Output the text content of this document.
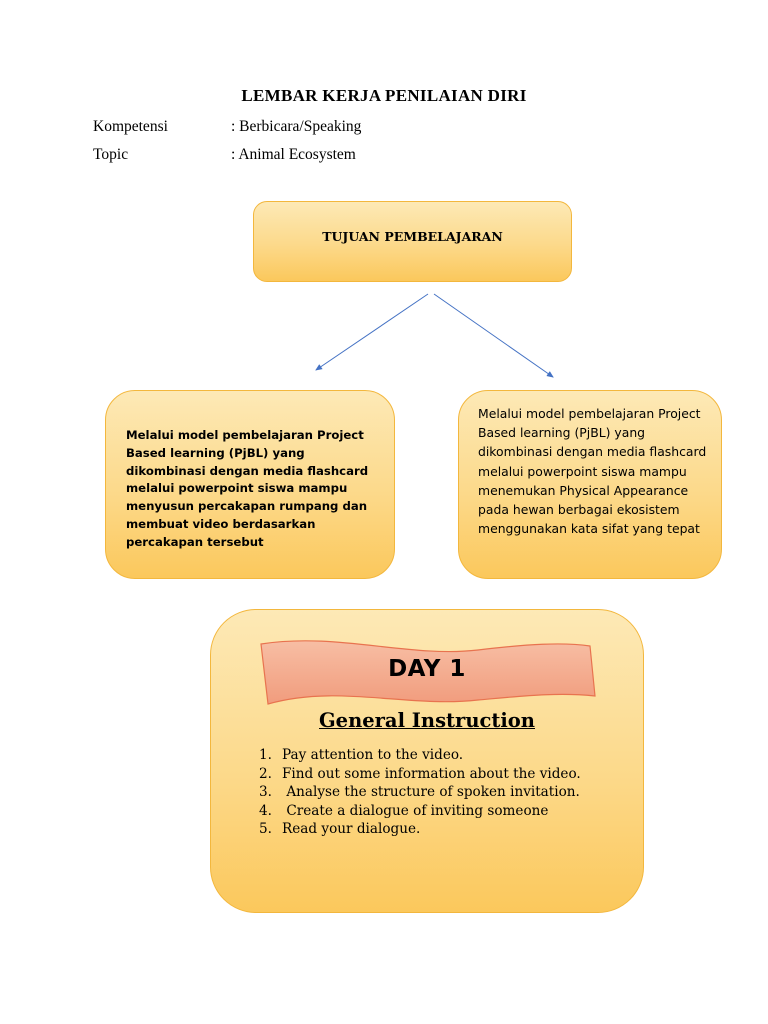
LEMBAR KERJA PENILAIAN DIRI
Kompetensi	: Berbicara/Speaking
Topic	: Animal Ecosystem
TUJUAN PEMBELAJARAN
Melalui model pembelajaran Project Based learning (PjBL) yang dikombinasi dengan media flashcard melalui powerpoint siswa mampu menyusun percakapan rumpang dan membuat video berdasarkan percakapan tersebut
Melalui model pembelajaran Project Based learning (PjBL) yang dikombinasi dengan media flashcard melalui powerpoint siswa mampu menemukan Physical Appearance pada hewan berbagai ekosistem menggunakan kata sifat yang tepat
DAY 1
General Instruction
1. Pay attention to the video.
2. Find out some information about the video.
3. Analyse the structure of spoken invitation.
4. Create a dialogue of inviting someone
5. Read your dialogue.
